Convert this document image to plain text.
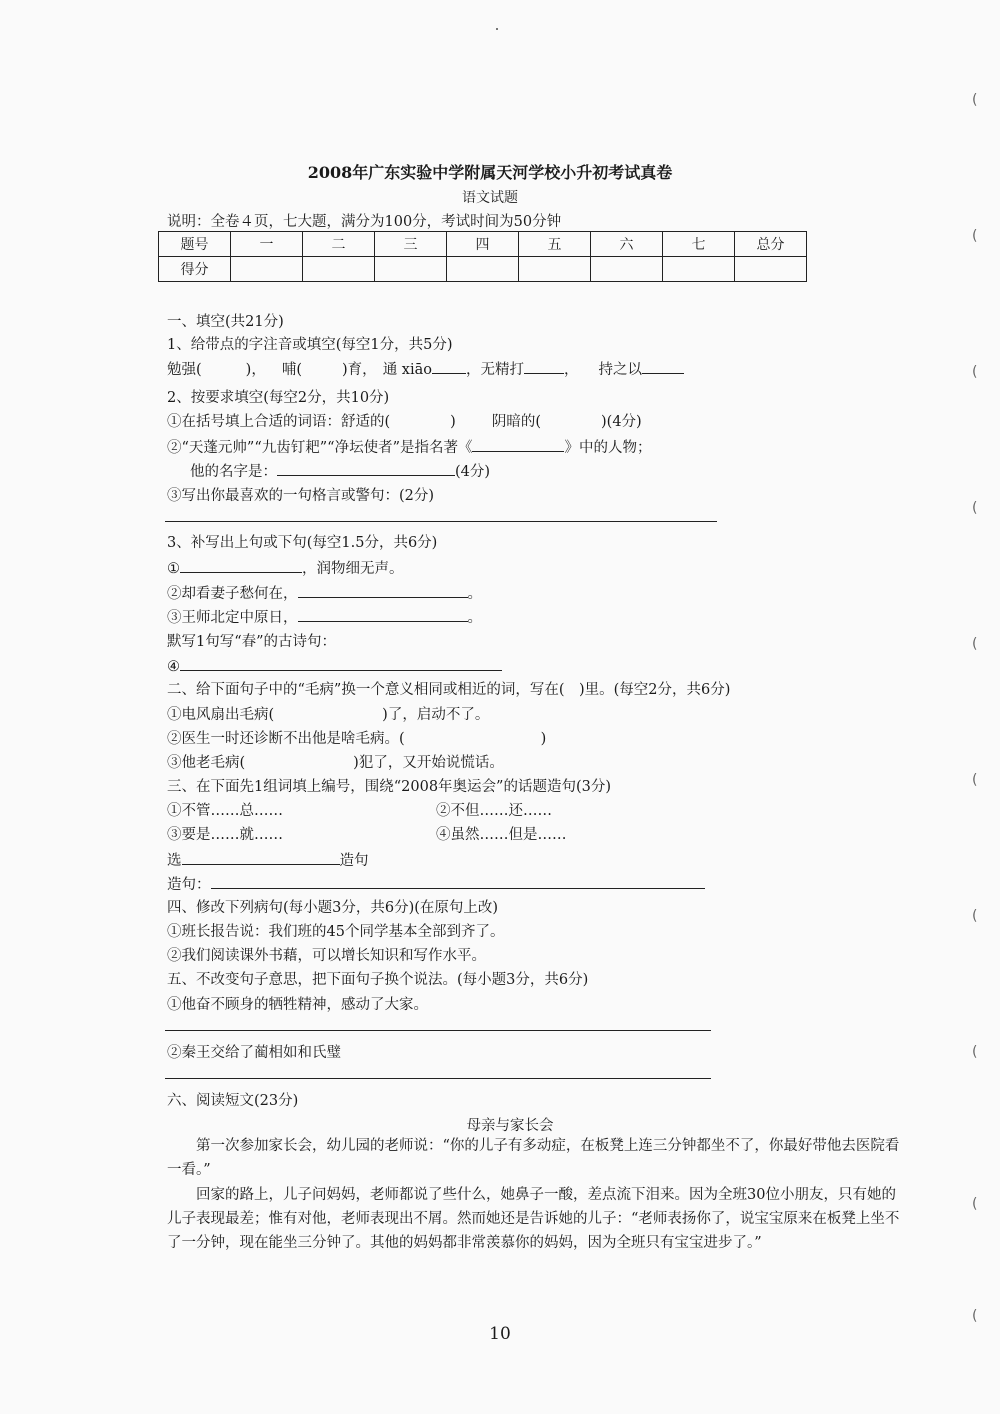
2008年广东实验中学附属天河学校小升初考试真卷
语文试题
说明：全卷４页，七大题，满分为100分，考试时间为50分钟
题号	一	二	三	四	五	六	七	总分
得分								
一、填空(共21分)
1、给带点的字注音或填空(每空1分，共5分)
勉强(	)， 哺(	)育， 通 xiāo ，无精打	， 持之以
2、按要求填空(每空2分，共10分)
①在括号填上合适的词语：舒适的(	) 阴暗的(	)(4分)
②“天蓬元帅”“九齿钉耙”“净坛使者”是指名著《	》中的人物；
他的名字是：	(4分)
③写出你最喜欢的一句格言或警句：(2分)
3、补写出上句或下句(每空1.5分，共6分)
①	，润物细无声。
②却看妻子愁何在，	。
③王师北定中原日，	。
默写1句写“春”的古诗句：
④
二、给下面句子中的“毛病”换一个意义相同或相近的词，写在(　)里。(每空2分，共6分)
①电风扇出毛病(	)了，启动不了。
②医生一时还诊断不出他是啥毛病。(	)
③他老毛病(	)犯了，又开始说慌话。
三、在下面先1组词填上编号，围绕“2008年奥运会”的话题造句(3分)
①不管……总……	②不但……还……
③要是……就……	④虽然……但是……
选	造句
造句：
四、修改下列病句(每小题3分，共6分)(在原句上改)
①班长报告说：我们班的45个同学基本全部到齐了。
②我们阅读课外书藉，可以增长知识和写作水平。
五、不改变句子意思，把下面句子换个说法。(每小题3分，共6分)
①他奋不顾身的牺牲精神，感动了大家。
②秦王交给了蔺相如和氏璧
六、阅读短文(23分)
母亲与家长会
第一次参加家长会，幼儿园的老师说：“你的儿子有多动症，在板凳上连三分钟都坐不了，你最好带他去医院看一看。”
回家的路上，儿子问妈妈，老师都说了些什么，她鼻子一酸，差点流下泪来。因为全班30位小朋友，只有她的儿子表现最差；惟有对他，老师表现出不屑。然而她还是告诉她的儿子：“老师表扬你了，说宝宝原来在板凳上坐不了一分钟，现在能坐三分钟了。其他的妈妈都非常羡慕你的妈妈，因为全班只有宝宝进步了。”
10
(
(
(
(
(
(
(
(
(
(
